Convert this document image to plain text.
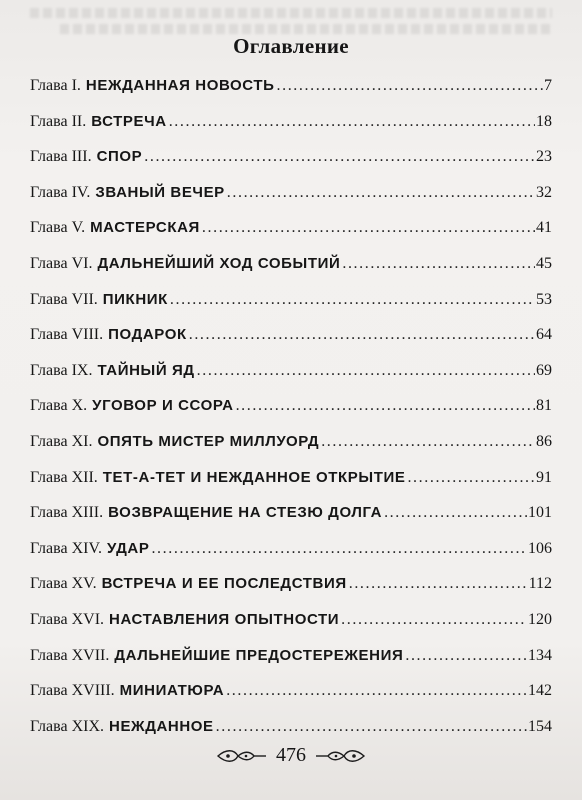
Оглавление
Глава I. НЕЖДАННАЯ НОВОСТЬ . . .	7
Глава II. ВСТРЕЧА . . .	18
Глава III. СПОР . . .	23
Глава IV. ЗВАНЫЙ ВЕЧЕР . . .	32
Глава V. МАСТЕРСКАЯ . . .	41
Глава VI. ДАЛЬНЕЙШИЙ ХОД СОБЫТИЙ . . .	45
Глава VII. ПИКНИК . . .	53
Глава VIII. ПОДАРОК . . .	64
Глава IX. ТАЙНЫЙ ЯД . . .	69
Глава X. УГОВОР И ССОРА . . .	81
Глава XI. ОПЯТЬ МИСТЕР МИЛЛУОРД . . .	86
Глава XII. ТЕТ-А-ТЕТ И НЕЖДАННОЕ ОТКРЫТИЕ . . .	91
Глава XIII. ВОЗВРАЩЕНИЕ НА СТЕЗЮ ДОЛГА . . .	101
Глава XIV. УДАР . . .	106
Глава XV. ВСТРЕЧА И ЕЕ ПОСЛЕДСТВИЯ . . .	112
Глава XVI. НАСТАВЛЕНИЯ ОПЫТНОСТИ . . .	120
Глава XVII. ДАЛЬНЕЙШИЕ ПРЕДОСТЕРЕЖЕНИЯ . . .	134
Глава XVIII. МИНИАТЮРА . . .	142
Глава XIX. НЕЖДАННОЕ . . .	154
476
